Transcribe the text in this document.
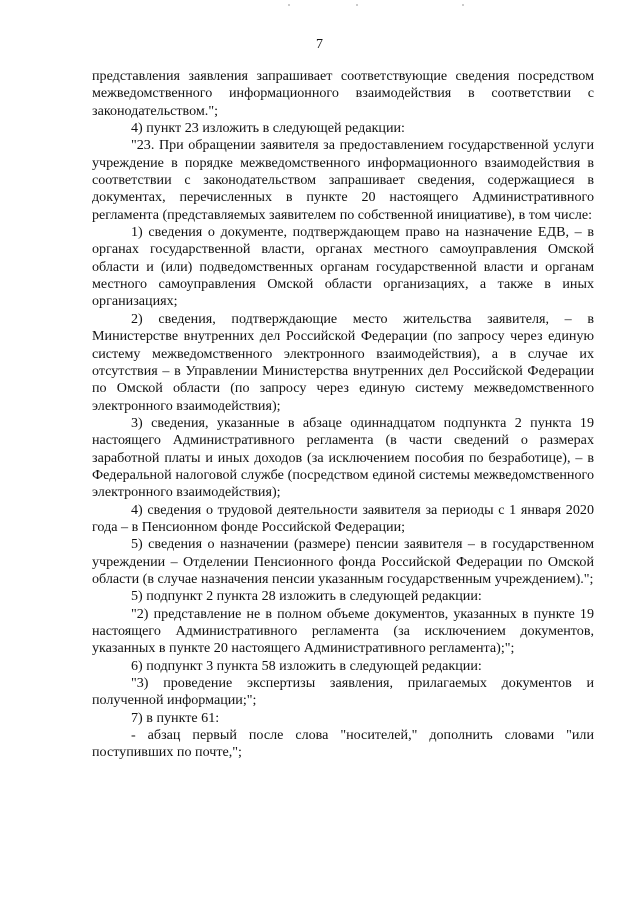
7

представления заявления запрашивает соответствующие сведения посредством межведомственного информационного взаимодействия в соответствии с законодательством.";

4) пункт 23 изложить в следующей редакции:

"23. При обращении заявителя за предоставлением государственной услуги учреждение в порядке межведомственного информационного взаимодействия в соответствии с законодательством запрашивает сведения, содержащиеся в документах, перечисленных в пункте 20 настоящего Административного регламента (представляемых заявителем по собственной инициативе), в том числе:

1) сведения о документе, подтверждающем право на назначение ЕДВ, – в органах государственной власти, органах местного самоуправления Омской области и (или) подведомственных органам государственной власти и органам местного самоуправления Омской области организациях, а также в иных организациях;

2) сведения, подтверждающие место жительства заявителя, – в Министерстве внутренних дел Российской Федерации (по запросу через единую систему межведомственного электронного взаимодействия), а в случае их отсутствия – в Управлении Министерства внутренних дел Российской Федерации по Омской области (по запросу через единую систему межведомственного электронного взаимодействия);

3) сведения, указанные в абзаце одиннадцатом подпункта 2 пункта 19 настоящего Административного регламента (в части сведений о размерах заработной платы и иных доходов (за исключением пособия по безработице), – в Федеральной налоговой службе (посредством единой системы межведомственного электронного взаимодействия);

4) сведения о трудовой деятельности заявителя за периоды с 1 января 2020 года – в Пенсионном фонде Российской Федерации;

5) сведения о назначении (размере) пенсии заявителя – в государственном учреждении – Отделении Пенсионного фонда Российской Федерации по Омской области (в случае назначения пенсии указанным государственным учреждением).";

5) подпункт 2 пункта 28 изложить в следующей редакции:

"2) представление не в полном объеме документов, указанных в пункте 19 настоящего Административного регламента (за исключением документов, указанных в пункте 20 настоящего Административного регламента);";

6) подпункт 3 пункта 58 изложить в следующей редакции:

"3) проведение экспертизы заявления, прилагаемых документов и полученной информации;";

7) в пункте 61:

- абзац первый после слова "носителей," дополнить словами "или поступивших по почте,";
